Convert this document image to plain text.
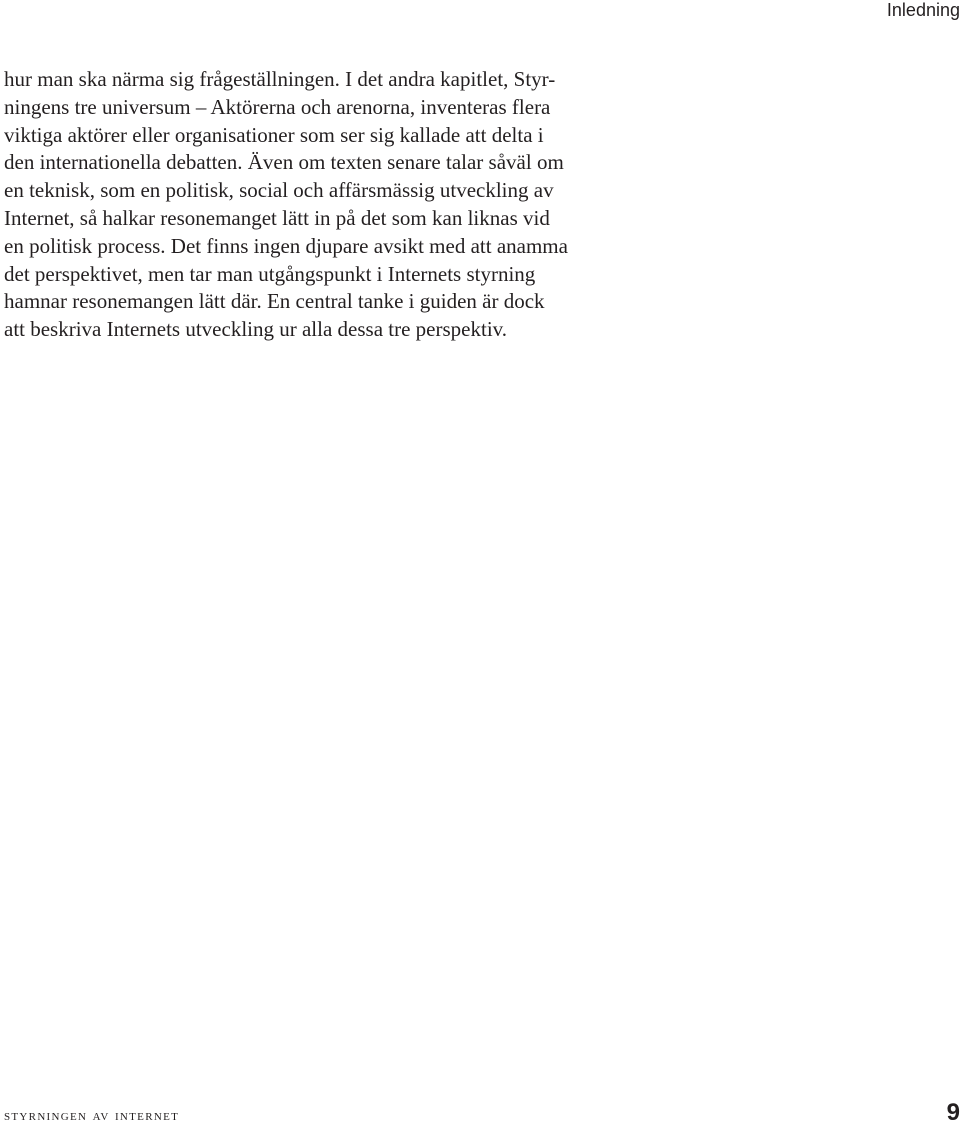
Inledning

hur man ska närma sig frågeställningen. I det andra kapitlet, Styr-
ningens tre universum – Aktörerna och arenorna, inventeras flera
viktiga aktörer eller organisationer som ser sig kallade att delta i
den internationella debatten. Även om texten senare talar såväl om
en teknisk, som en politisk, social och affärsmässig utveckling av
Internet, så halkar resonemanget lätt in på det som kan liknas vid
en politisk process. Det finns ingen djupare avsikt med att anamma
det perspektivet, men tar man utgångspunkt i Internets styrning
hamnar resonemangen lätt där. En central tanke i guiden är dock
att beskriva Internets utveckling ur alla dessa tre perspektiv.

styrningen av internet	9
